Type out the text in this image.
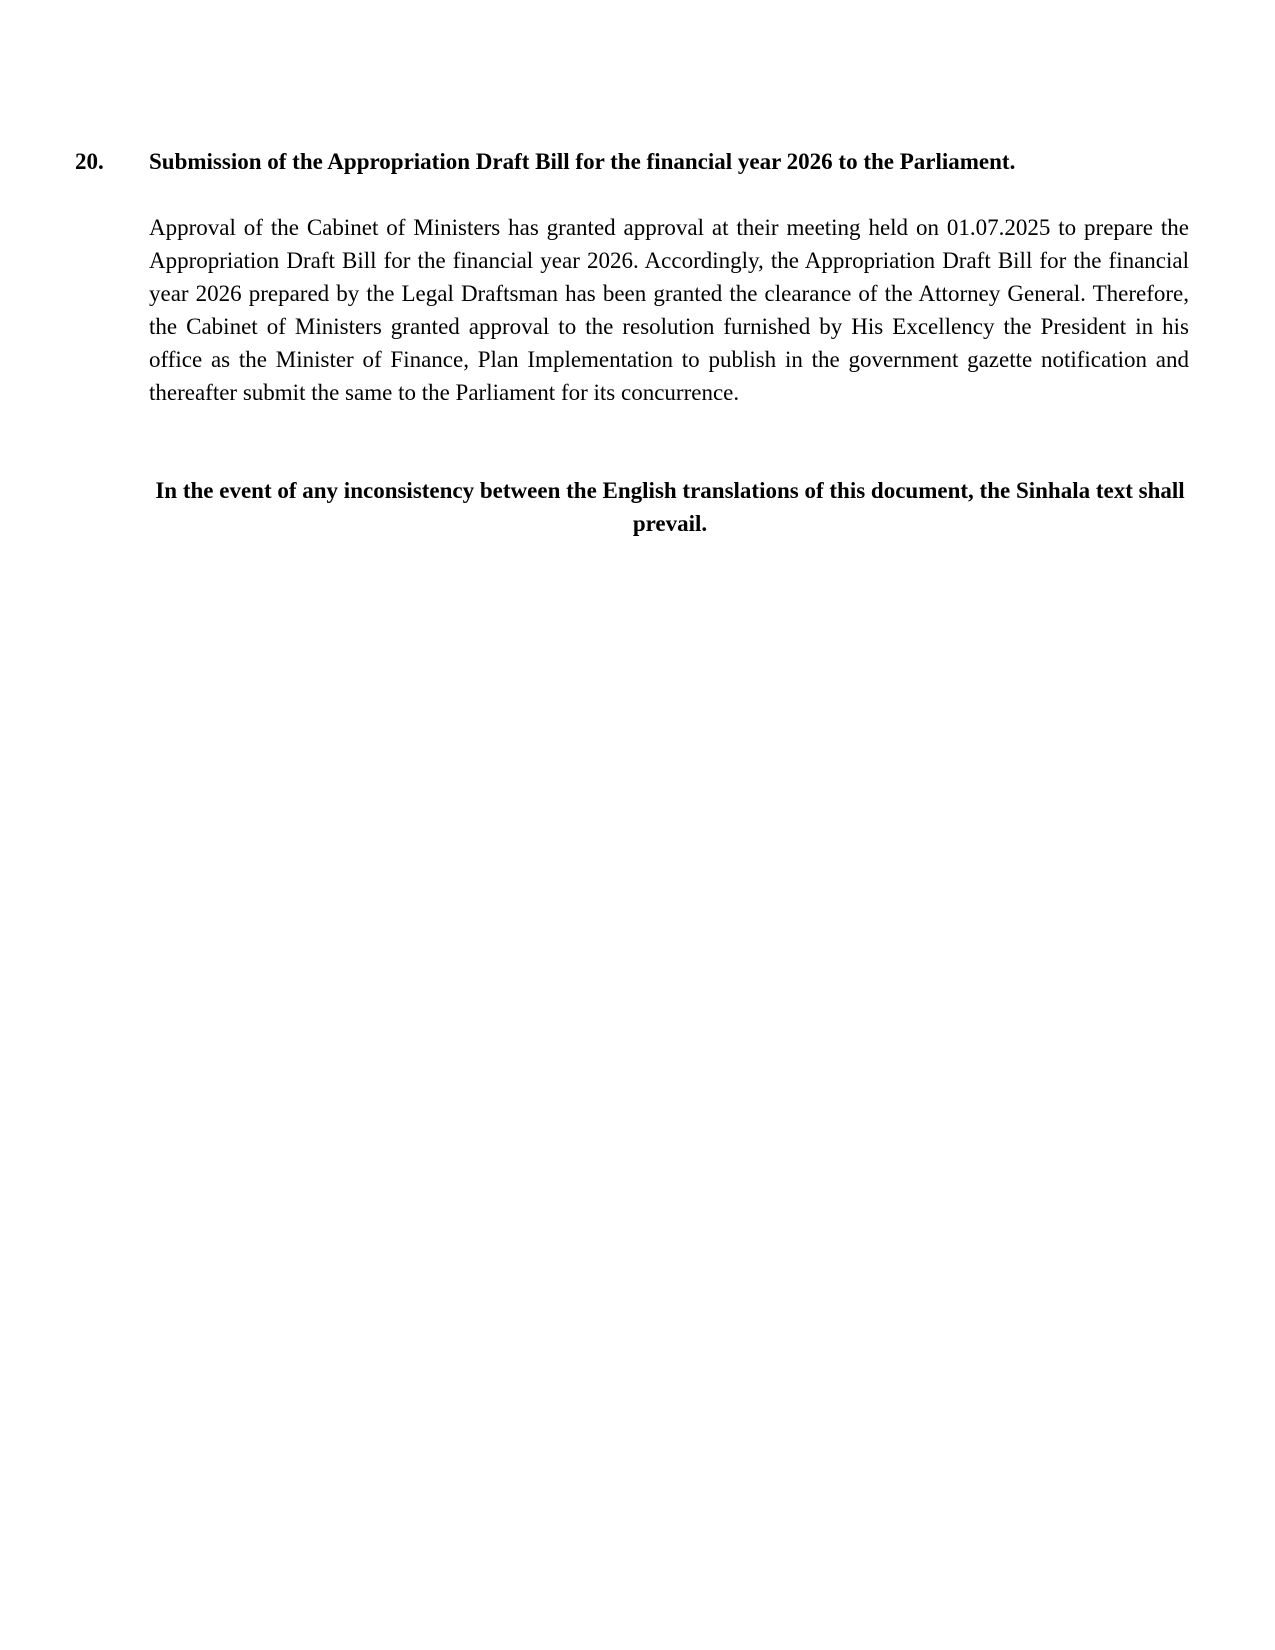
20. Submission of the Appropriation Draft Bill for the financial year 2026 to the Parliament.
Approval of the Cabinet of Ministers has granted approval at their meeting held on 01.07.2025 to prepare the Appropriation Draft Bill for the financial year 2026. Accordingly, the Appropriation Draft Bill for the financial year 2026 prepared by the Legal Draftsman has been granted the clearance of the Attorney General. Therefore, the Cabinet of Ministers granted approval to the resolution furnished by His Excellency the President in his office as the Minister of Finance, Plan Implementation to publish in the government gazette notification and thereafter submit the same to the Parliament for its concurrence.
In the event of any inconsistency between the English translations of this document, the Sinhala text shall prevail.
